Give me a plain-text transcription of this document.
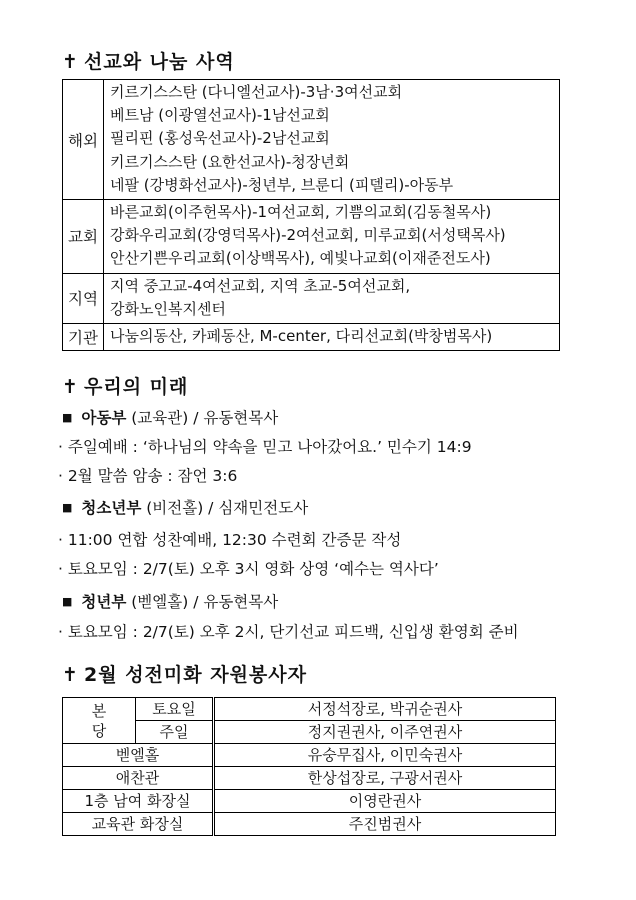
✝ 선교와 나눔 사역
해외	키르기스스탄 (다니엘선교사)-3남·3여선교회
베트남 (이광열선교사)-1남선교회
필리핀 (홍성욱선교사)-2남선교회
키르기스스탄 (요한선교사)-청장년회
네팔 (강병화선교사)-청년부, 브룬디 (피델리)-아동부

교회	바른교회(이주헌목사)-1여선교회, 기쁨의교회(김동철목사)
강화우리교회(강영덕목사)-2여선교회, 미루교회(서성택목사)
안산기쁜우리교회(이상백목사), 예빛나교회(이재준전도사)

지역	지역 중고교-4여선교회, 지역 초교-5여선교회,
강화노인복지센터

기관	나눔의동산, 카페동산, M-center, 다리선교회(박창범목사)
✝ 우리의 미래
■ 아동부 (교육관) / 유동현목사
· 주일예배 : ‘하나님의 약속을 믿고 나아갔어요.’ 민수기 14:9
· 2월 말씀 암송 : 잠언 3:6
■ 청소년부 (비전홀) / 심재민전도사
· 11:00 연합 성찬예배, 12:30 수련회 간증문 작성
· 토요모임 : 2/7(토) 오후 3시 영화 상영 ‘예수는 역사다’
■ 청년부 (벧엘홀) / 유동현목사
· 토요모임 : 2/7(토) 오후 2시, 단기선교 피드백, 신입생 환영회 준비
✝ 2월 성전미화 자원봉사자
본
당	토요일	서정석장로, 박귀순권사
	주일	정지권권사, 이주연권사
벧엘홀		유숭무집사, 이민숙권사
애찬관		한상섭장로, 구광서권사
1층 남여 화장실		이영란권사
교육관 화장실		주진범권사
